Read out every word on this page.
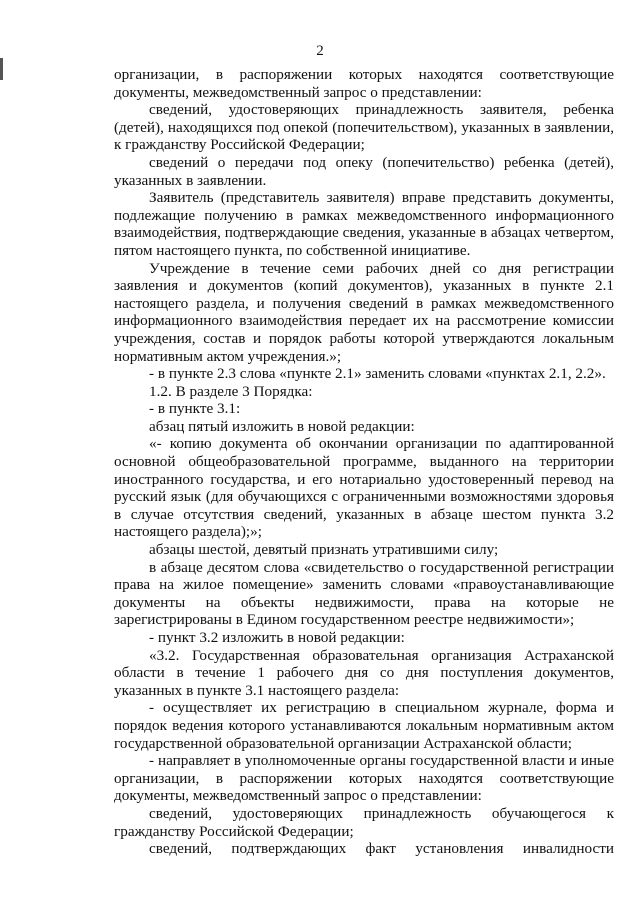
2

организации, в распоряжении которых находятся соответствующие документы, межведомственный запрос о представлении:

сведений, удостоверяющих принадлежность заявителя, ребенка (детей), находящихся под опекой (попечительством), указанных в заявлении, к гражданству Российской Федерации;

сведений о передачи под опеку (попечительство) ребенка (детей), указанных в заявлении.

Заявитель (представитель заявителя) вправе представить документы, подлежащие получению в рамках межведомственного информационного взаимодействия, подтверждающие сведения, указанные в абзацах четвертом, пятом настоящего пункта, по собственной инициативе.

Учреждение в течение семи рабочих дней со дня регистрации заявления и документов (копий документов), указанных в пункте 2.1 настоящего раздела, и получения сведений в рамках межведомственного информационного взаимодействия передает их на рассмотрение комиссии учреждения, состав и порядок работы которой утверждаются локальным нормативным актом учреждения.»;

- в пункте 2.3 слова «пункте 2.1» заменить словами «пунктах 2.1, 2.2».

1.2. В разделе 3 Порядка:

- в пункте 3.1:

абзац пятый изложить в новой редакции:

«- копию документа об окончании организации по адаптированной основной общеобразовательной программе, выданного на территории иностранного государства, и его нотариально удостоверенный перевод на русский язык (для обучающихся с ограниченными возможностями здоровья в случае отсутствия сведений, указанных в абзаце шестом пункта 3.2 настоящего раздела);»;

абзацы шестой, девятый признать утратившими силу;

в абзаце десятом слова «свидетельство о государственной регистрации права на жилое помещение» заменить словами «правоустанавливающие документы на объекты недвижимости, права на которые не зарегистрированы в Едином государственном реестре недвижимости»;

- пункт 3.2 изложить в новой редакции:

«3.2. Государственная образовательная организация Астраханской области в течение 1 рабочего дня со дня поступления документов, указанных в пункте 3.1 настоящего раздела:

- осуществляет их регистрацию в специальном журнале, форма и порядок ведения которого устанавливаются локальным нормативным актом государственной образовательной организации Астраханской области;

- направляет в уполномоченные органы государственной власти и иные организации, в распоряжении которых находятся соответствующие документы, межведомственный запрос о представлении:

сведений, удостоверяющих принадлежность обучающегося к гражданству Российской Федерации;

сведений, подтверждающих факт установления инвалидности
